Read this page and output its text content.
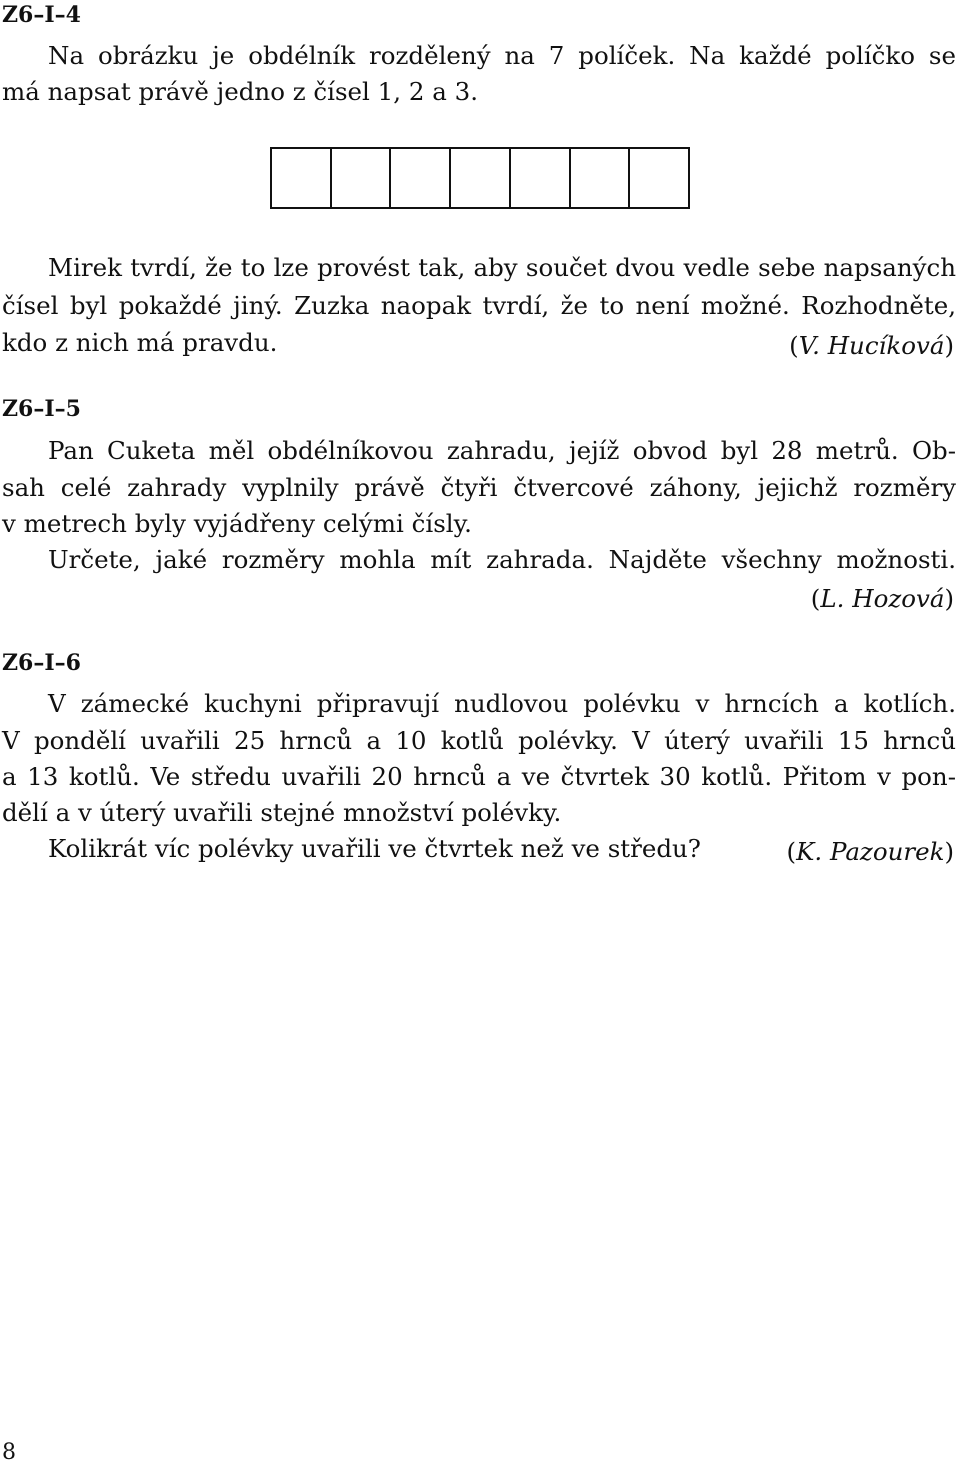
Z6–I–4
Na obrázku je obdélník rozdělený na 7 políček. Na každé políčko se
má napsat právě jedno z čísel 1, 2 a 3.
Mirek tvrdí, že to lze provést tak, aby součet dvou vedle sebe napsaných
čísel byl pokaždé jiný. Zuzka naopak tvrdí, že to není možné. Rozhodněte,
kdo z nich má pravdu.	(V. Hucíková)
Z6–I–5
Pan Cuketa měl obdélníkovou zahradu, jejíž obvod byl 28 metrů. Ob-
sah celé zahrady vyplnily právě čtyři čtvercové záhony, jejichž rozměry
v metrech byly vyjádřeny celými čísly.
Určete, jaké rozměry mohla mít zahrada. Najděte všechny možnosti.
(L. Hozová)
Z6–I–6
V zámecké kuchyni připravují nudlovou polévku v hrncích a kotlích.
V pondělí uvařili 25 hrnců a 10 kotlů polévky. V úterý uvařili 15 hrnců
a 13 kotlů. Ve středu uvařili 20 hrnců a ve čtvrtek 30 kotlů. Přitom v pon-
dělí a v úterý uvařili stejné množství polévky.
Kolikrát víc polévky uvařili ve čtvrtek než ve středu?	(K. Pazourek)
8
